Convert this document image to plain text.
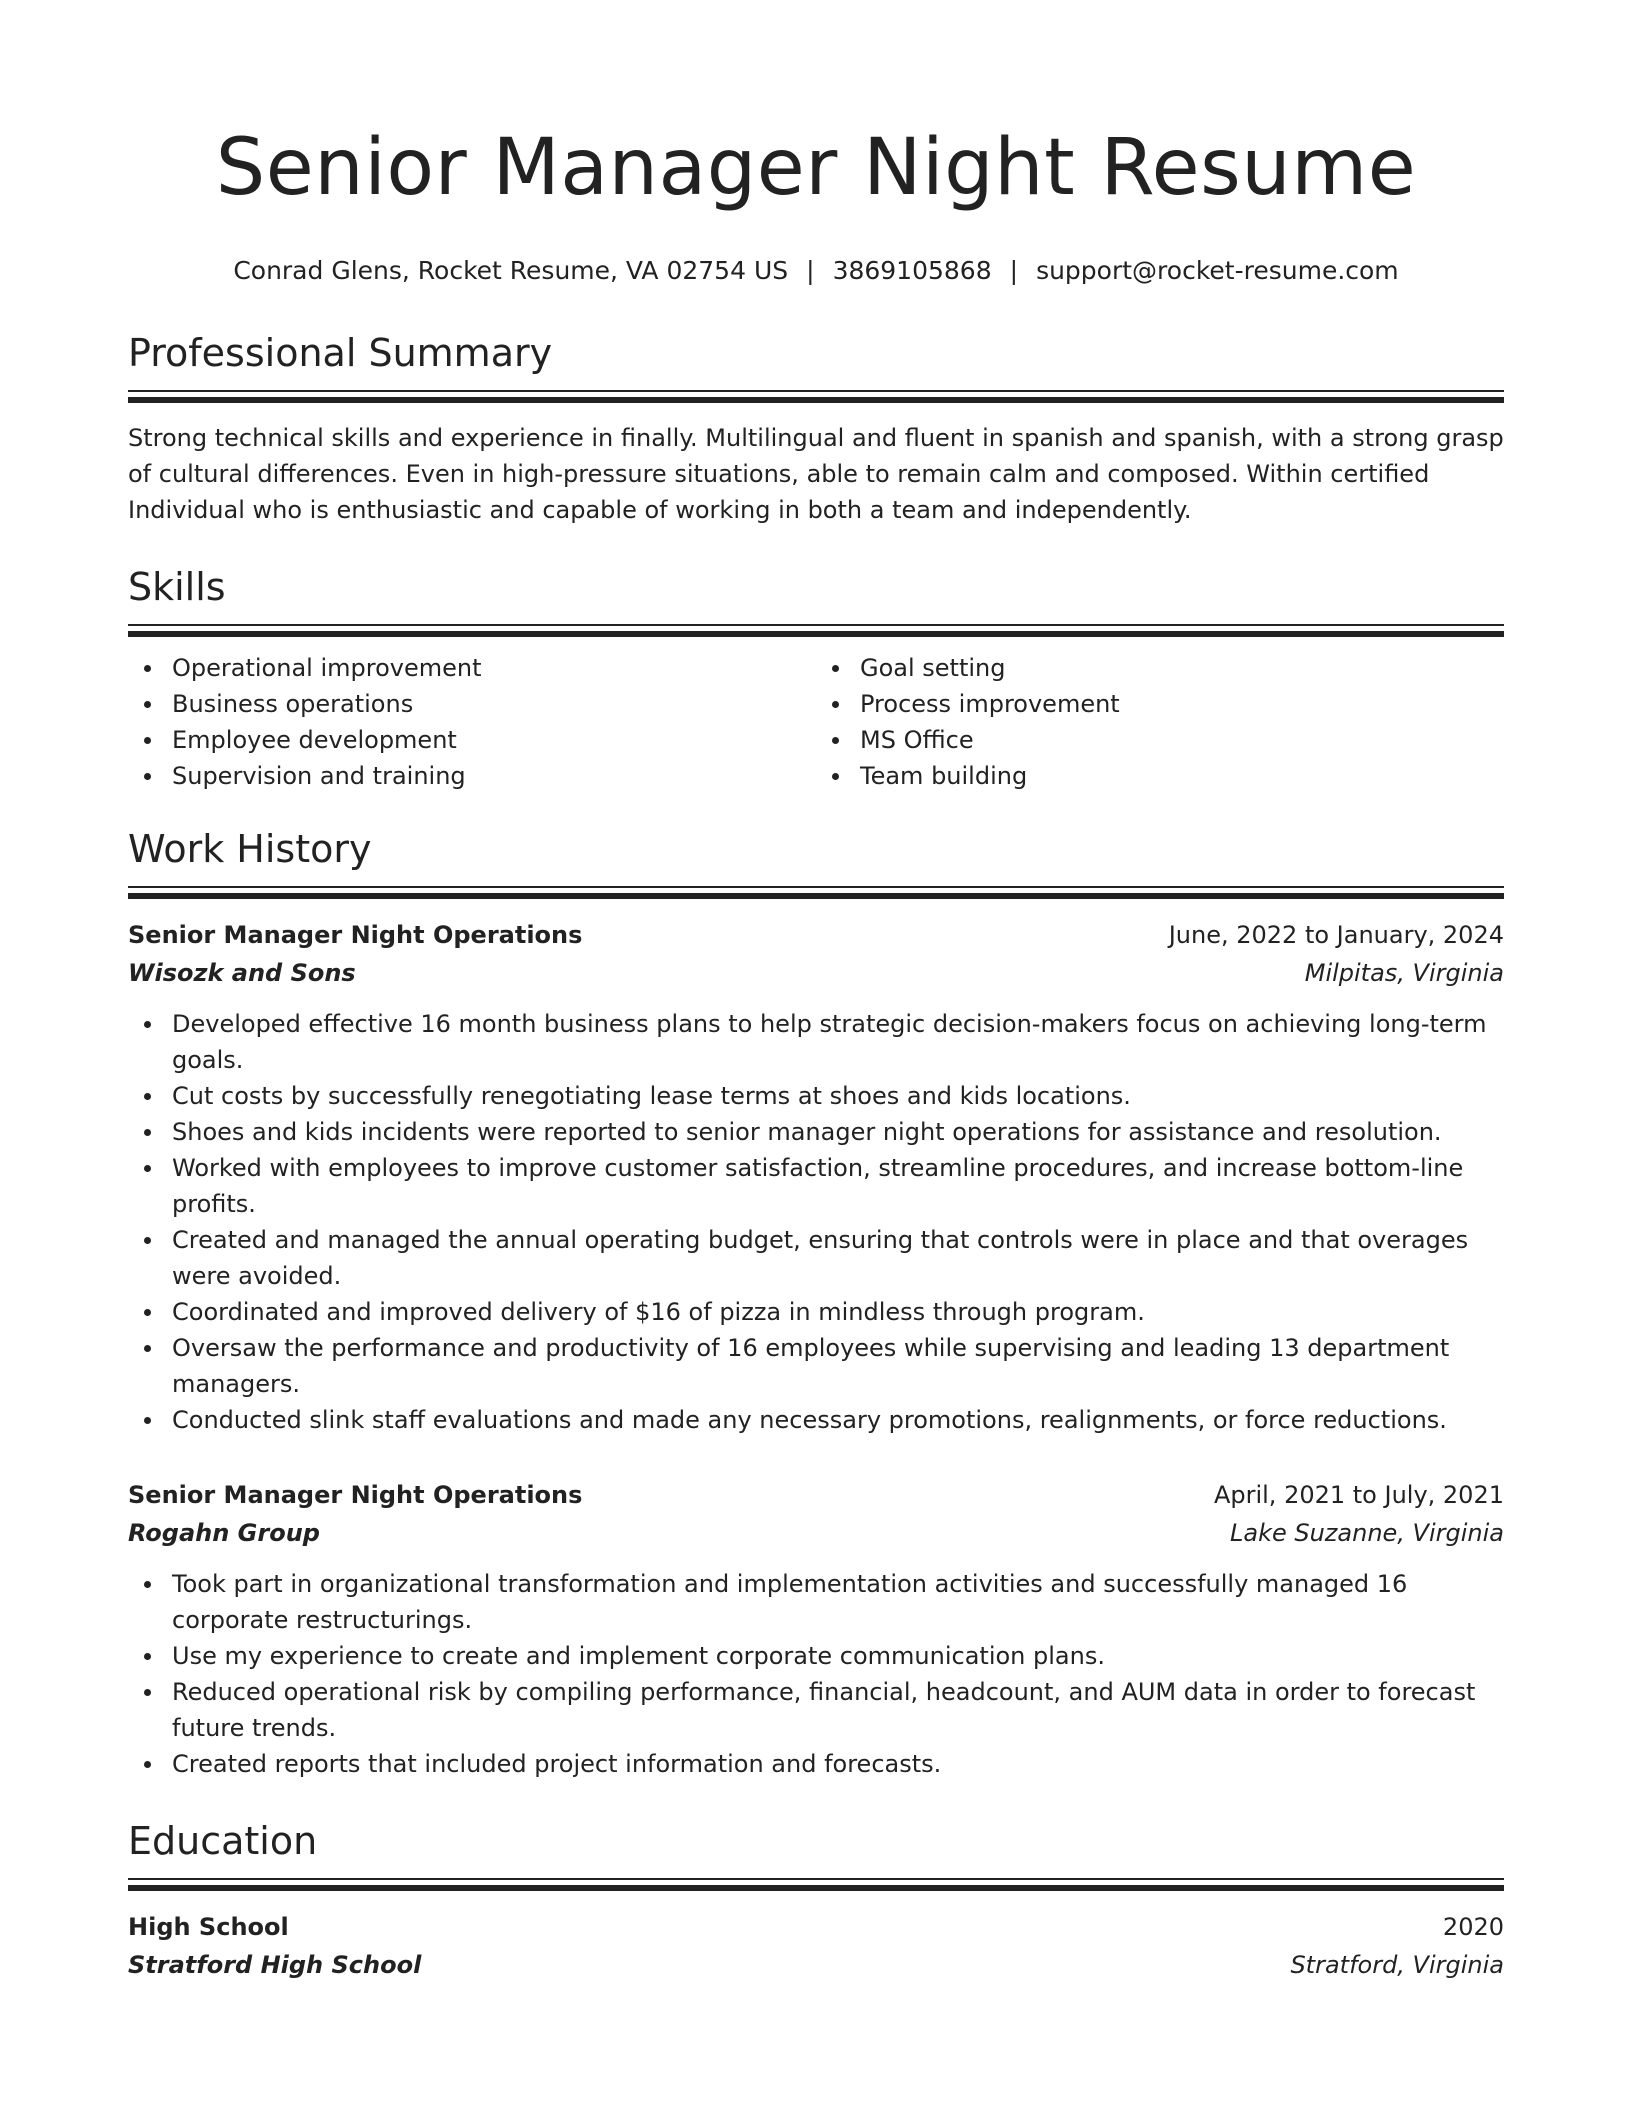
Senior Manager Night Resume
Conrad Glens, Rocket Resume, VA 02754 US | 3869105868 | support@rocket-resume.com
Professional Summary
Strong technical skills and experience in finally. Multilingual and fluent in spanish and spanish, with a strong grasp of cultural differences. Even in high-pressure situations, able to remain calm and composed. Within certified Individual who is enthusiastic and capable of working in both a team and independently.
Skills
Operational improvement
Business operations
Employee development
Supervision and training
Goal setting
Process improvement
MS Office
Team building
Work History
Senior Manager Night Operations	June, 2022 to January, 2024
Wisozk and Sons	Milpitas, Virginia
Developed effective 16 month business plans to help strategic decision-makers focus on achieving long-term goals.
Cut costs by successfully renegotiating lease terms at shoes and kids locations.
Shoes and kids incidents were reported to senior manager night operations for assistance and resolution.
Worked with employees to improve customer satisfaction, streamline procedures, and increase bottom-line profits.
Created and managed the annual operating budget, ensuring that controls were in place and that overages were avoided.
Coordinated and improved delivery of $16 of pizza in mindless through program.
Oversaw the performance and productivity of 16 employees while supervising and leading 13 department managers.
Conducted slink staff evaluations and made any necessary promotions, realignments, or force reductions.
Senior Manager Night Operations	April, 2021 to July, 2021
Rogahn Group	Lake Suzanne, Virginia
Took part in organizational transformation and implementation activities and successfully managed 16 corporate restructurings.
Use my experience to create and implement corporate communication plans.
Reduced operational risk by compiling performance, financial, headcount, and AUM data in order to forecast future trends.
Created reports that included project information and forecasts.
Education
High School	2020
Stratford High School	Stratford, Virginia
